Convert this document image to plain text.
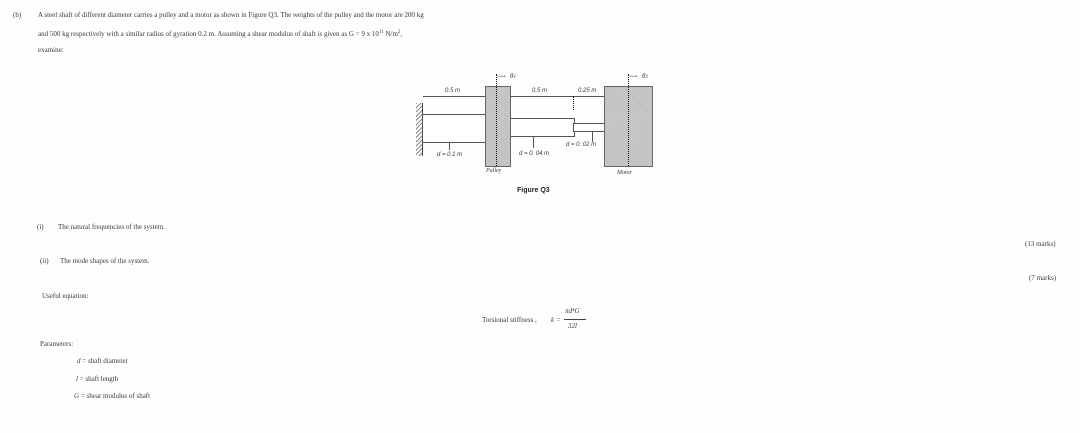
(b) A steel shaft of different diameter carries a pulley and a motor as shown in Figure Q3. The weights of the pulley and the motor are 200 kg
and 500 kg respectively with a similar radius of gyration 0.2 m. Assuming a shear modulus of shaft is given as G = 9 x $10^{11}$ $N/m^2$,
examine:
⟶ θ1	⟶ θ2
0.5 m	0.5 m	0.25 m
d = 0.1 m	d = 0. 04 m
d = 0. 02 m
Pulley	Motor
Figure Q3
(i) The natural frequencies of the system.
(13 marks)
(ii) The mode shapes of the system.
(7 marks)
Useful equation:
Torsional stiffness , k =
πd⁴G
32l
Parameters:
d = shaft diameter
l = shaft length
G = shear modulus of shaft
